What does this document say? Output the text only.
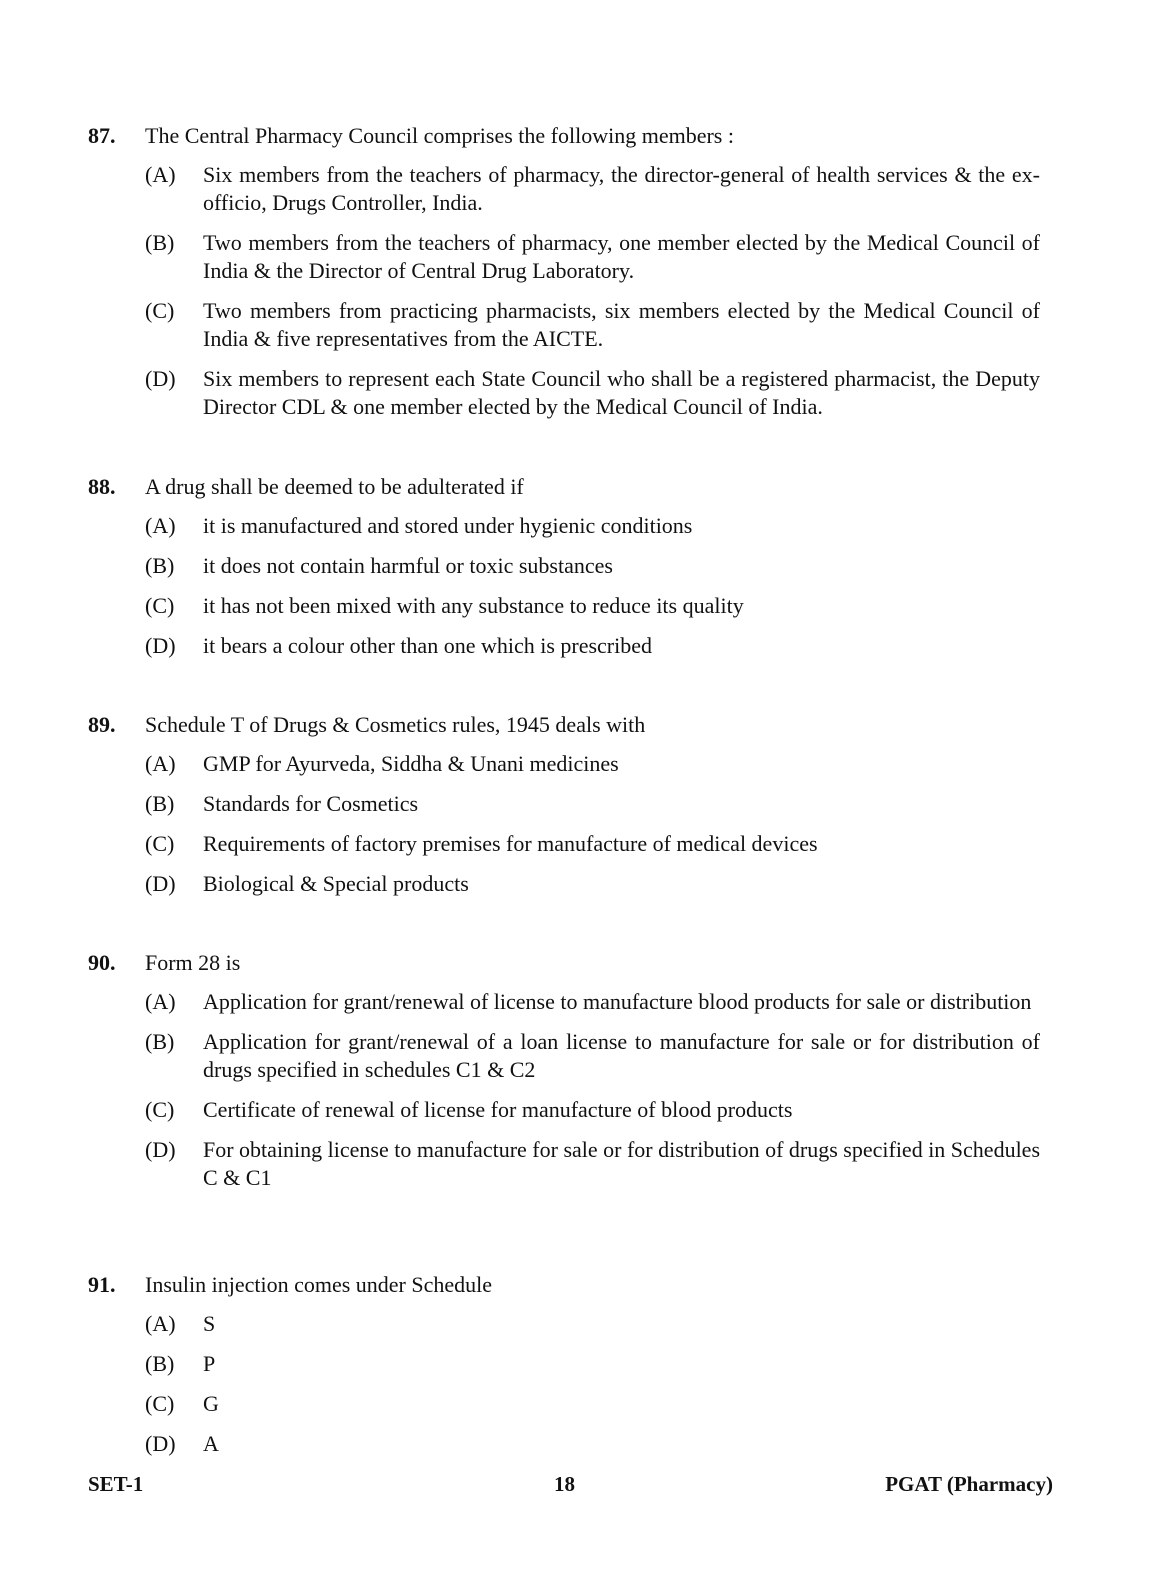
87.	The Central Pharmacy Council comprises the following members :
(A)	Six members from the teachers of pharmacy, the director-general of health services & the ex-officio, Drugs Controller, India.
(B)	Two members from the teachers of pharmacy, one member elected by the Medical Council of India & the Director of Central Drug Laboratory.
(C)	Two members from practicing pharmacists, six members elected by the Medical Council of India & five representatives from the AICTE.
(D)	Six members to represent each State Council who shall be a registered pharmacist, the Deputy Director CDL & one member elected by the Medical Council of India.
88.	A drug shall be deemed to be adulterated if
(A)	it is manufactured and stored under hygienic conditions
(B)	it does not contain harmful or toxic substances
(C)	it has not been mixed with any substance to reduce its quality
(D)	it bears a colour other than one which is prescribed
89.	Schedule T of Drugs & Cosmetics rules, 1945 deals with
(A)	GMP for Ayurveda, Siddha & Unani medicines
(B)	Standards for Cosmetics
(C)	Requirements of factory premises for manufacture of medical devices
(D)	Biological & Special products
90.	Form 28 is
(A)	Application for grant/renewal of license to manufacture blood products for sale or distribution
(B)	Application for grant/renewal of a loan license to manufacture for sale or for distribution of drugs specified in schedules C1 & C2
(C)	Certificate of renewal of license for manufacture of blood products
(D)	For obtaining license to manufacture for sale or for distribution of drugs specified in Schedules C & C1
91.	Insulin injection comes under Schedule
(A)	S
(B)	P
(C)	G
(D)	A
SET-1	18	PGAT (Pharmacy)
